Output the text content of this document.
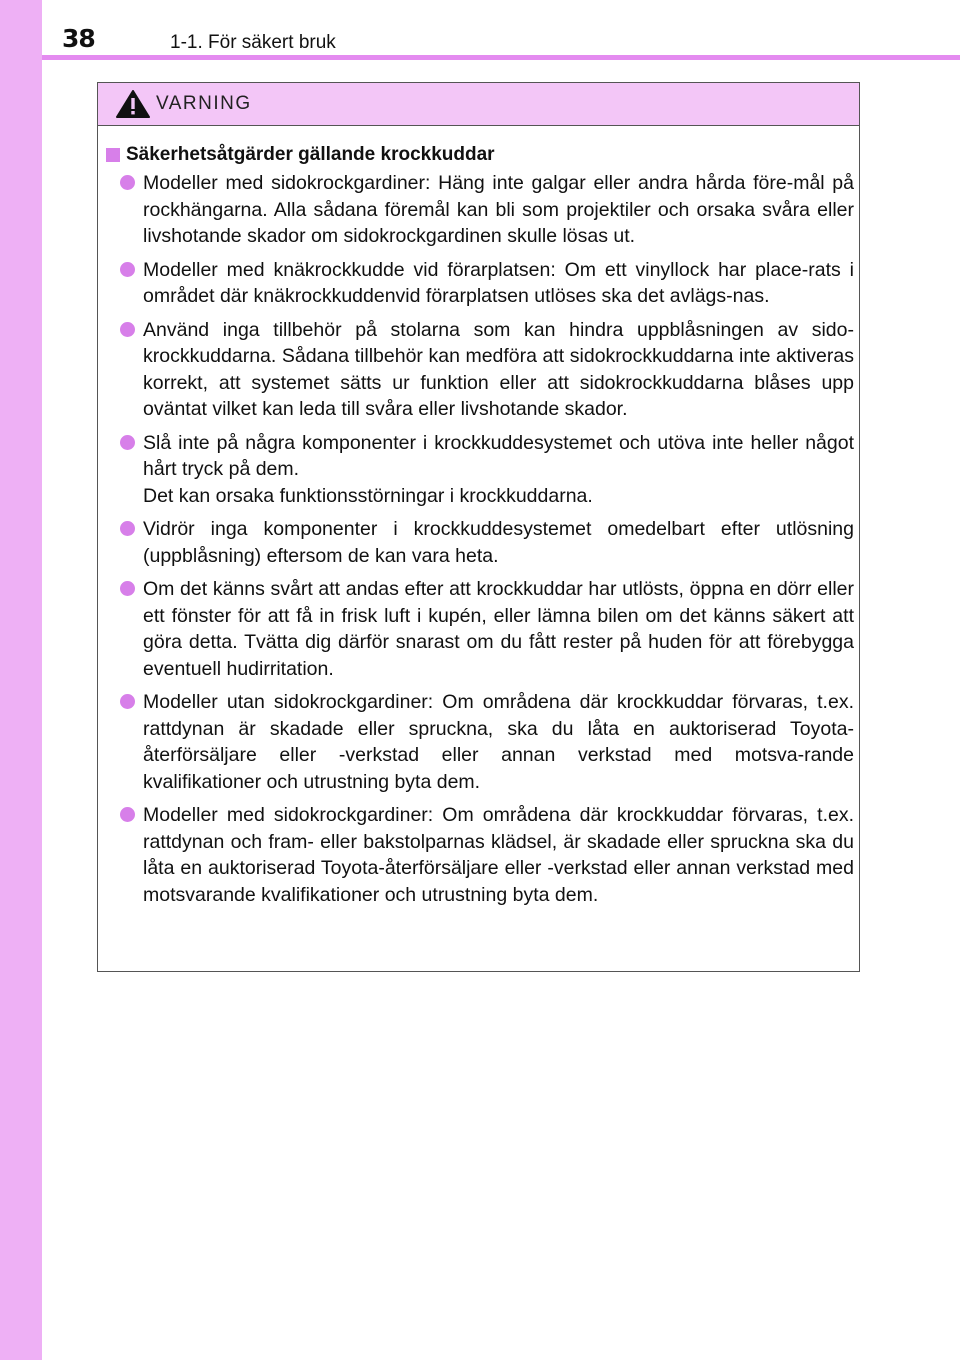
38	1-1. För säkert bruk
VARNING
Säkerhetsåtgärder gällande krockkuddar
Modeller med sidokrockgardiner: Häng inte galgar eller andra hårda före-mål på rockhängarna. Alla sådana föremål kan bli som projektiler och orsaka svåra eller livshotande skador om sidokrockgardinen skulle lösas ut.
Modeller med knäkrockkudde vid förarplatsen: Om ett vinyllock har place-rats i området där knäkrockkuddenvid förarplatsen utlöses ska det avlägs-nas.
Använd inga tillbehör på stolarna som kan hindra uppblåsningen av sido-krockkuddarna. Sådana tillbehör kan medföra att sidokrockkuddarna inte aktiveras korrekt, att systemet sätts ur funktion eller att sidokrockkuddarna blåses upp oväntat vilket kan leda till svåra eller livshotande skador.
Slå inte på några komponenter i krockkuddesystemet och utöva inte heller något hårt tryck på dem.
Det kan orsaka funktionsstörningar i krockkuddarna.
Vidrör inga komponenter i krockkuddesystemet omedelbart efter utlösning (uppblåsning) eftersom de kan vara heta.
Om det känns svårt att andas efter att krockkuddar har utlösts, öppna en dörr eller ett fönster för att få in frisk luft i kupén, eller lämna bilen om det känns säkert att göra detta. Tvätta dig därför snarast om du fått rester på huden för att förebygga eventuell hudirritation.
Modeller utan sidokrockgardiner: Om områdena där krockkuddar förvaras, t.ex. rattdynan är skadade eller spruckna, ska du låta en auktoriserad Toyota-återförsäljare eller -verkstad eller annan verkstad med motsva-rande kvalifikationer och utrustning byta dem.
Modeller med sidokrockgardiner: Om områdena där krockkuddar förvaras, t.ex. rattdynan och fram- eller bakstolparnas klädsel, är skadade eller spruckna ska du låta en auktoriserad Toyota-återförsäljare eller -verkstad eller annan verkstad med motsvarande kvalifikationer och utrustning byta dem.
